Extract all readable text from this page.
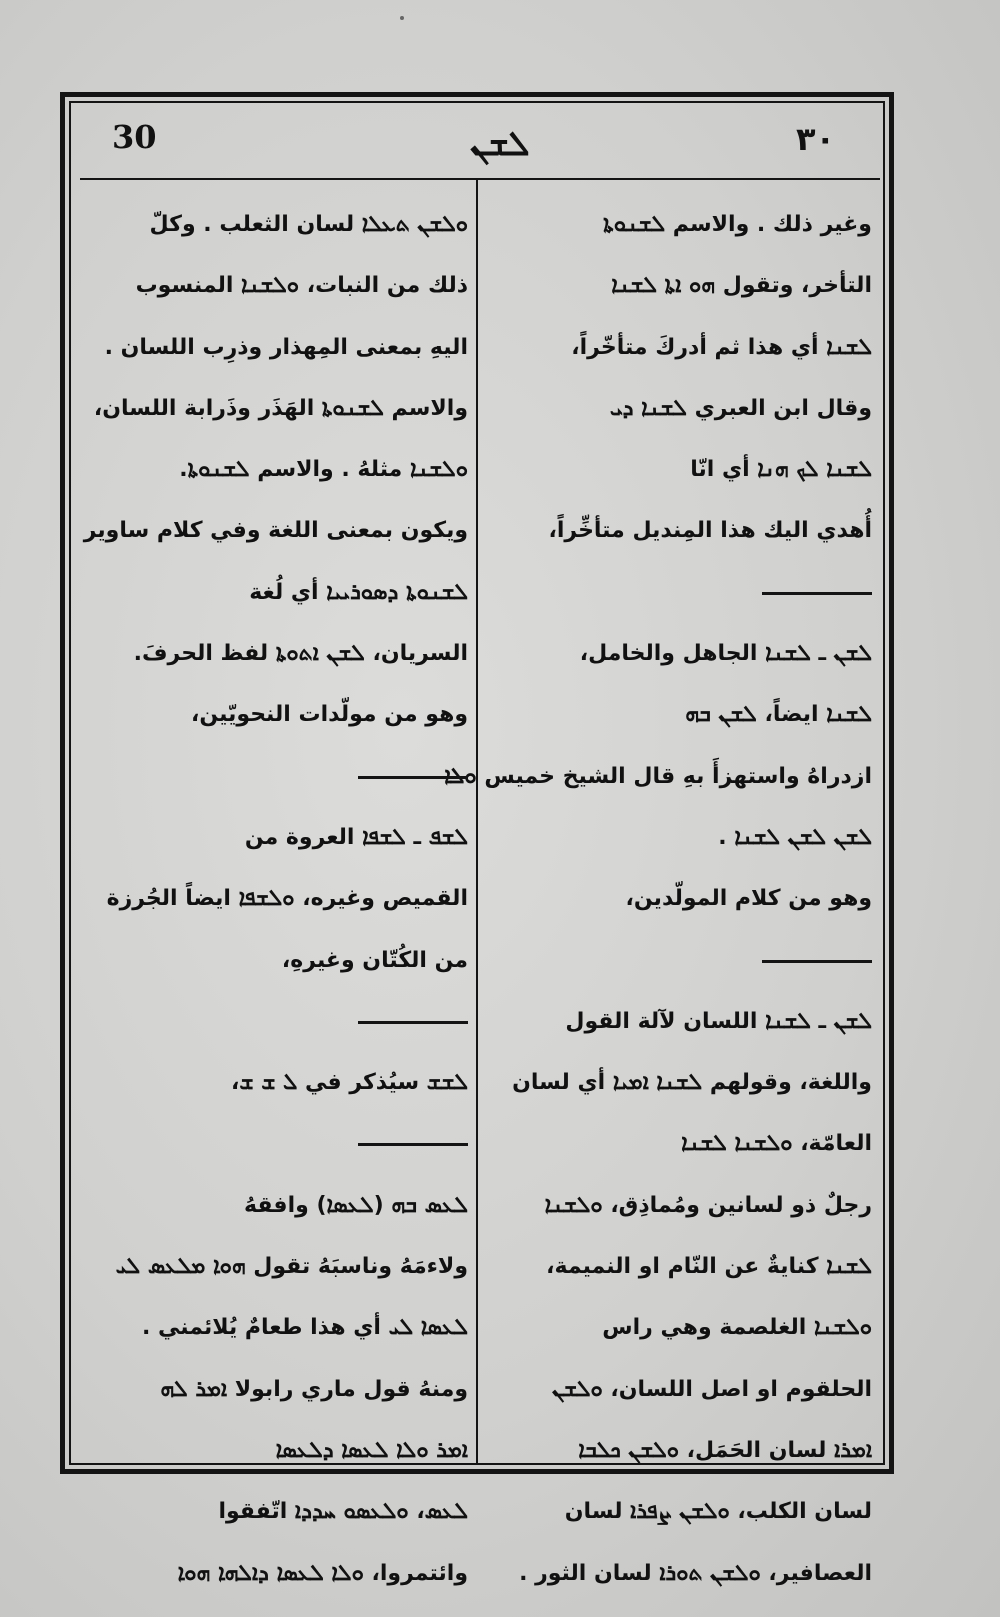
30	ܠܫܢ	٣٠
وغير ذلك . والاسم ܠܫܢܘܬܐ
التأخر، وتقول ܗܘ ܐܬܐ ܠܫܢܐ
ܠܫܢܐ أي هذا ثم أدركَ متأخّراً،
وقال ابن العبري ܠܫܢܐ ܕܝ
ܠܫܢܐ ܠܟ ܗܢܐ أي انّا
أُهدي اليك هذا المِنديل متأخِّراً،
ܠܫܢ ـ ܠܫܢܐ الجاهل والخامل،
ܠܫܢܐ ايضاً، ܠܫܢ ܒܗ
ازدراهُ واستهزأَ بهِ قال الشيخ خميس ܘܠܐ
ܠܫܢ ܠܫܢ ܠܫܢܐ .
وهو من كلام المولّدين،
ܠܫܢ ـ ܠܫܢܐ اللسان لآلة القول
واللغة، وقولهم ܠܫܢܐ ܐܡܝܐ أي لسان
العامّة، ܘܠܫܢܐ ܠܫܢܐ
رجلٌ ذو لسانين ومُماذِق، ܘܠܫܢܐ
ܠܫܢܐ كنايةٌ عن النّام او النميمة،
ܘܠܫܢܐ الغلصمة وهي راس
الحلقوم او اصل اللسان، ܘܠܫܢ
ܐܡܪܐ لسان الحَمَل، ܘܠܫܢ ܟܠܒܐ
لسان الكلب، ܘܠܫܢ ܨܦܪܐ لسان
العصافير، ܘܠܫܢ ܬܘܪܐ لسان الثور .
ܘܠܫܢ ܬܥܠܐ لسان الثعلب . وكلّ
ذلك من النبات، ܘܠܫܢܐ المنسوب
اليهِ بمعنى المِهذار وذرِب اللسان .
والاسم ܠܫܢܘܬܐ الهَذَر وذَرابة اللسان،
ܘܠܫܢܐ مثلهُ . والاسم ܠܫܢܘܬܐ.
ويكون بمعنى اللغة وفي كلام ساوير
ܠܫܢܘܬܐ ܕܣܘܪܝܝܐ أي لُغة
السريان، ܠܫܢ ܐܬܘܬܐ لفظ الحرفَ.
وهو من مولّدات النحويّين،
ܠܫܦ ـ ܠܫܦܐ العروة من
القميص وغيره، ܘܠܫܦܐ ايضاً الجُرزة
من الكُتّان وغيرهِ،
ܠܫܫ سيُذكر في ܠ ܫ ܫ،
ܠܥܣ ܒܗ (ܠܥܣܐ) وافقهُ
ولاءمَهُ وناسبَهُ تقول ܗܘܐ ܡܠܥܣ ܠܝ
ܠܥܣܐ ܠܝ أي هذا طعامٌ يُلائمني .
ومنهُ قول ماري رابولا ܐܡܪ ܠܗ
ܐܡܪ ܘܠܐ ܠܥܣܐ ܕܠܥܣܐ
ܠܥܣ، ܘܠܥܣܘ ܚܕܕܐ اتّفقوا
وائتمروا، ܘܠܐ ܠܥܣܐ ܕܐܠܗܐ ܗܘܐ
